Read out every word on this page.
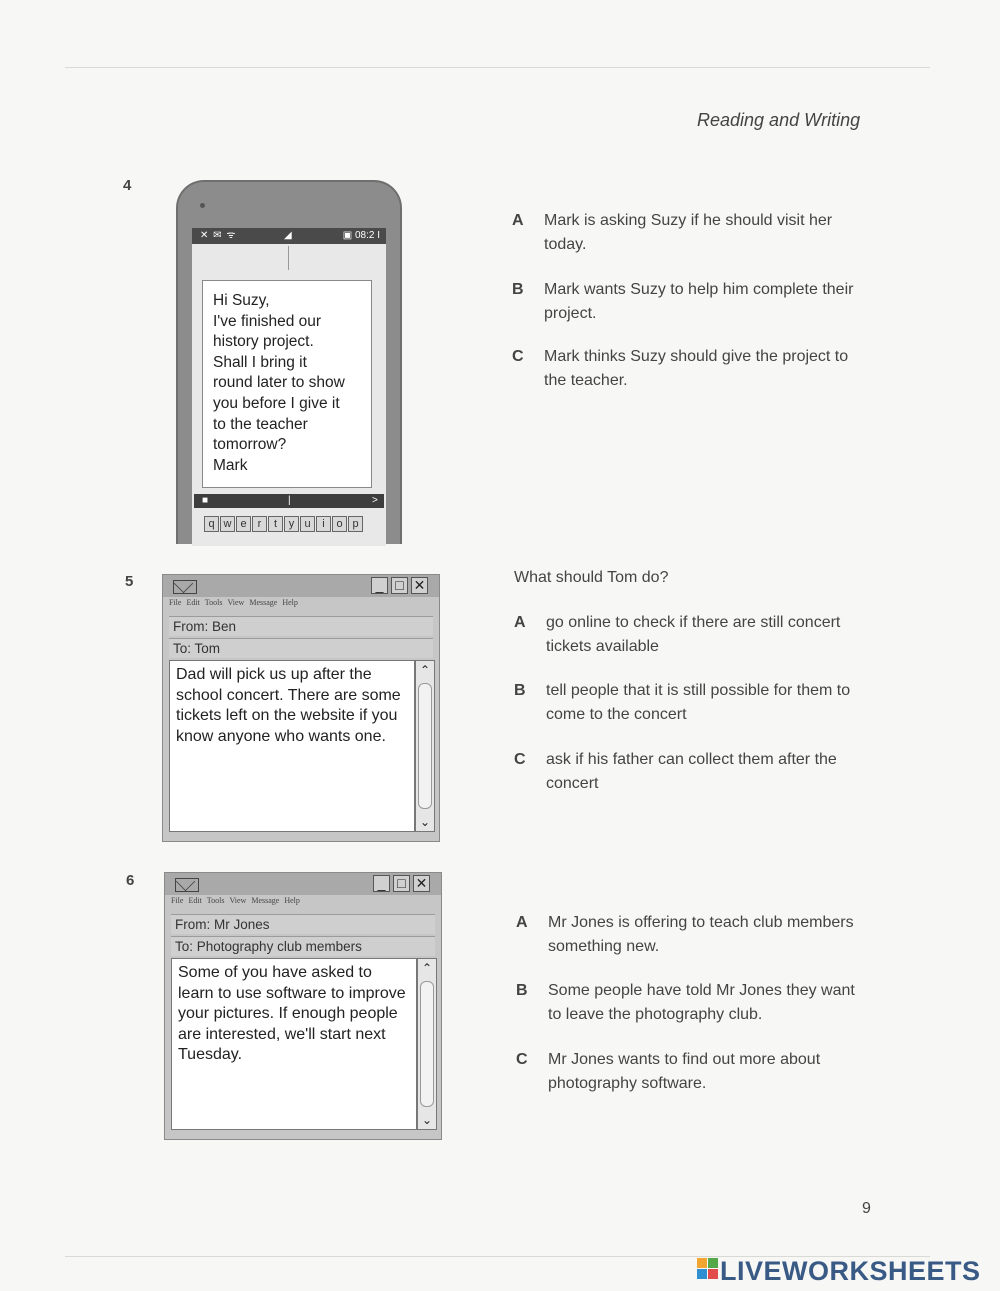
Reading and Writing
4
✕ ✉ ᯤ	◢	▣ 08:2 I
Hi Suzy,
I've finished our
history project.
Shall I bring it
round later to show
you before I give it
to the teacher
tomorrow?
Mark
■	|	>
q w e r t y u i o p
A Mark is asking Suzy if he should visit her today.
B Mark wants Suzy to help him complete their project.
C Mark thinks Suzy should give the project to the teacher.
5	_ □ ✕
File Edit Tools View Message Help
From: Ben
To: Tom
Dad will pick us up after the school concert. There are some tickets left on the website if you know anyone who wants one.
⌃
⌄
What should Tom do?
A go online to check if there are still concert tickets available
B tell people that it is still possible for them to come to the concert
C ask if his father can collect them after the concert
6	_ □ ✕
File Edit Tools View Message Help
From: Mr Jones
To: Photography club members
Some of you have asked to learn to use software to improve your pictures. If enough people are interested, we'll start next Tuesday.
⌃
⌄
A Mr Jones is offering to teach club members something new.
B Some people have told Mr Jones they want to leave the photography club.
C Mr Jones wants to find out more about photography software.
9
LIVEWORKSHEETS
